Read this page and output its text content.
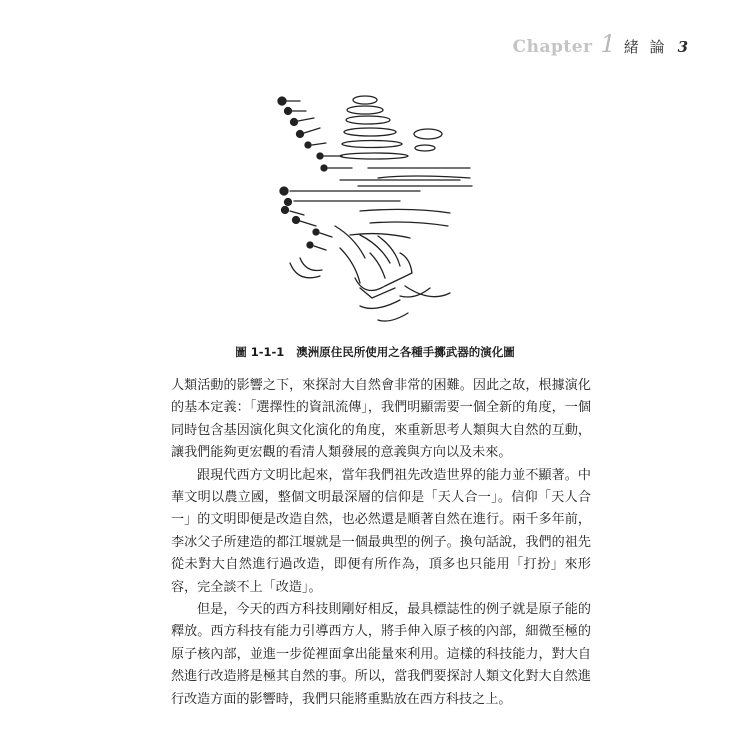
Chapter 1 緒 論 3
圖 1-1-1 澳洲原住民所使用之各種手擲武器的演化圖

人類活動的影響之下，來探討大自然會非常的困難。因此之故，根據演化的基本定義：「選擇性的資訊流傳」，我們明顯需要一個全新的角度，一個同時包含基因演化與文化演化的角度，來重新思考人類與大自然的互動，讓我們能夠更宏觀的看清人類發展的意義與方向以及未來。

跟現代西方文明比起來，當年我們祖先改造世界的能力並不顯著。中華文明以農立國，整個文明最深層的信仰是「天人合一」。信仰「天人合一」的文明即便是改造自然，也必然還是順著自然在進行。兩千多年前，李冰父子所建造的都江堰就是一個最典型的例子。換句話說，我們的祖先從未對大自然進行過改造，即便有所作為，頂多也只能用「打扮」來形容，完全談不上「改造」。

但是，今天的西方科技則剛好相反，最具標誌性的例子就是原子能的釋放。西方科技有能力引導西方人，將手伸入原子核的內部，細微至極的原子核內部，並進一步從裡面拿出能量來利用。這樣的科技能力，對大自然進行改造將是極其自然的事。所以，當我們要探討人類文化對大自然進行改造方面的影響時，我們只能將重點放在西方科技之上。
